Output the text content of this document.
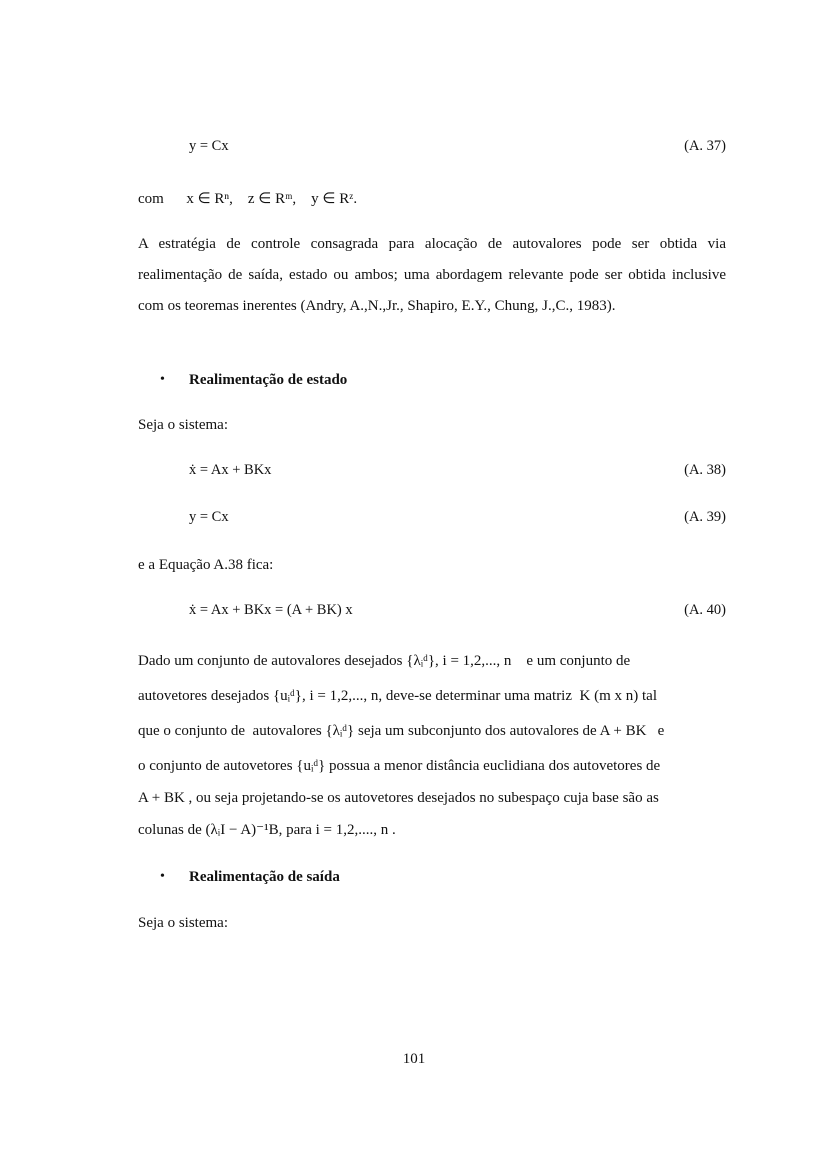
y = Cx	(A. 37)
com      x ∈ Rⁿ,    z ∈ Rᵐ,    y ∈ Rᶻ.
A estratégia de controle consagrada para alocação de autovalores pode ser obtida via realimentação de saída, estado ou ambos; uma abordagem relevante pode ser obtida inclusive com os teoremas inerentes (Andry, A.,N.,Jr., Shapiro, E.Y., Chung, J.,C., 1983).
• Realimentação de estado
Seja o sistema:
ẋ = Ax + BKx	(A. 38)
y = Cx	(A. 39)
e a Equação A.38 fica:
ẋ = Ax + BKx = (A + BK) x	(A. 40)
Dado um conjunto de autovalores desejados {λᵢᵈ}, i = 1,2,..., n    e um conjunto de
autovetores desejados {uᵢᵈ}, i = 1,2,..., n, deve-se determinar uma matriz  K (m x n) tal
que o conjunto de  autovalores {λᵢᵈ} seja um subconjunto dos autovalores de A + BK   e
o conjunto de autovetores {uᵢᵈ} possua a menor distância euclidiana dos autovetores de
A + BK , ou seja projetando-se os autovetores desejados no subespaço cuja base são as
colunas de (λᵢI − A)⁻¹B, para i = 1,2,...., n .
• Realimentação de saída
Seja o sistema:
101
